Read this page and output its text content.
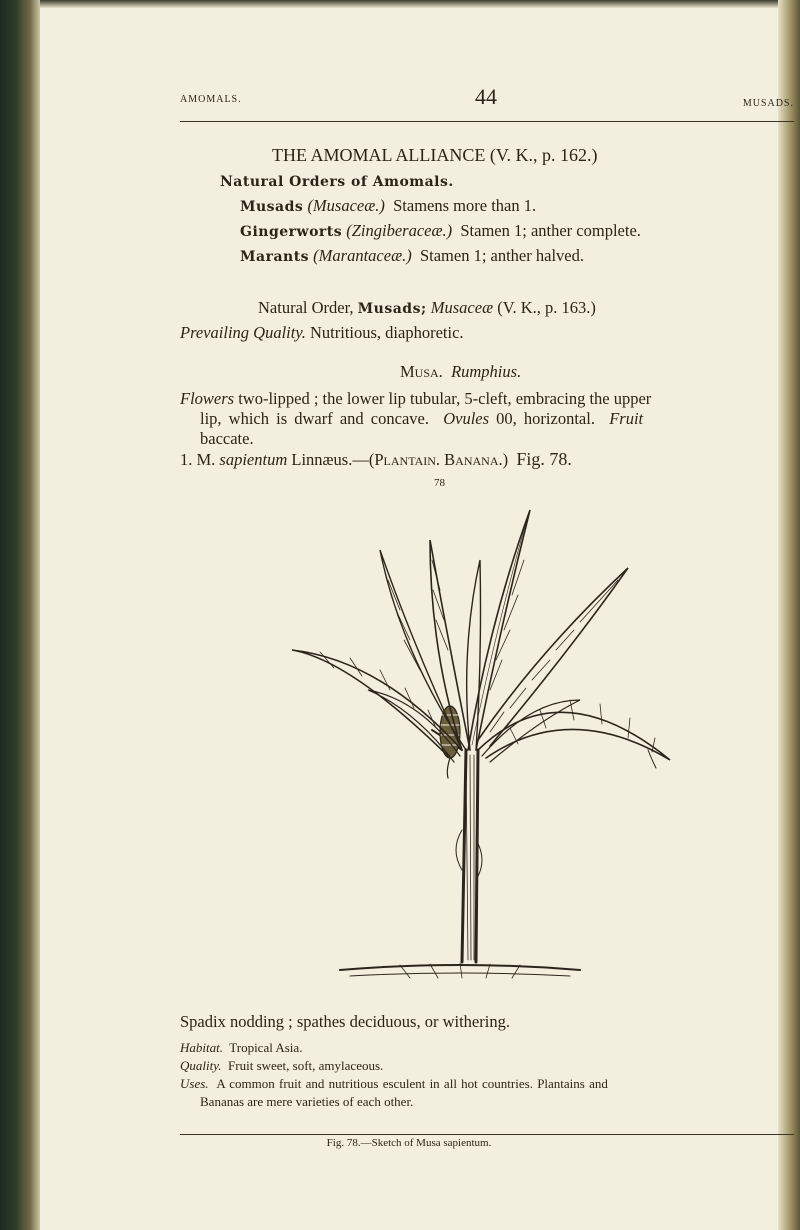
AMOMALS.	44	MUSADS.
THE AMOMAL ALLIANCE (V. K., p. 162.)
Natural Orders of Amomals.
Musads (Musaceæ.) Stamens more than 1.
Gingerworts (Zingiberaceæ.) Stamen 1; anther complete.
Marants (Marantaceæ.) Stamen 1; anther halved.
Natural Order, Musads; Musaceæ (V. K., p. 163.)
Prevailing Quality. Nutritious, diaphoretic.
Musa. Rumphius.
Flowers two-lipped ; the lower lip tubular, 5-cleft, embracing the upper
lip, which is dwarf and concave. Ovules 00, horizontal. Fruit
baccate.
1. M. sapientum Linnæus.—(Plantain. Banana.) Fig. 78.
78
Spadix nodding ; spathes deciduous, or withering.
Habitat. Tropical Asia.
Quality. Fruit sweet, soft, amylaceous.
Uses. A common fruit and nutritious esculent in all hot countries. Plantains and
Bananas are mere varieties of each other.
Fig. 78.—Sketch of Musa sapientum.
